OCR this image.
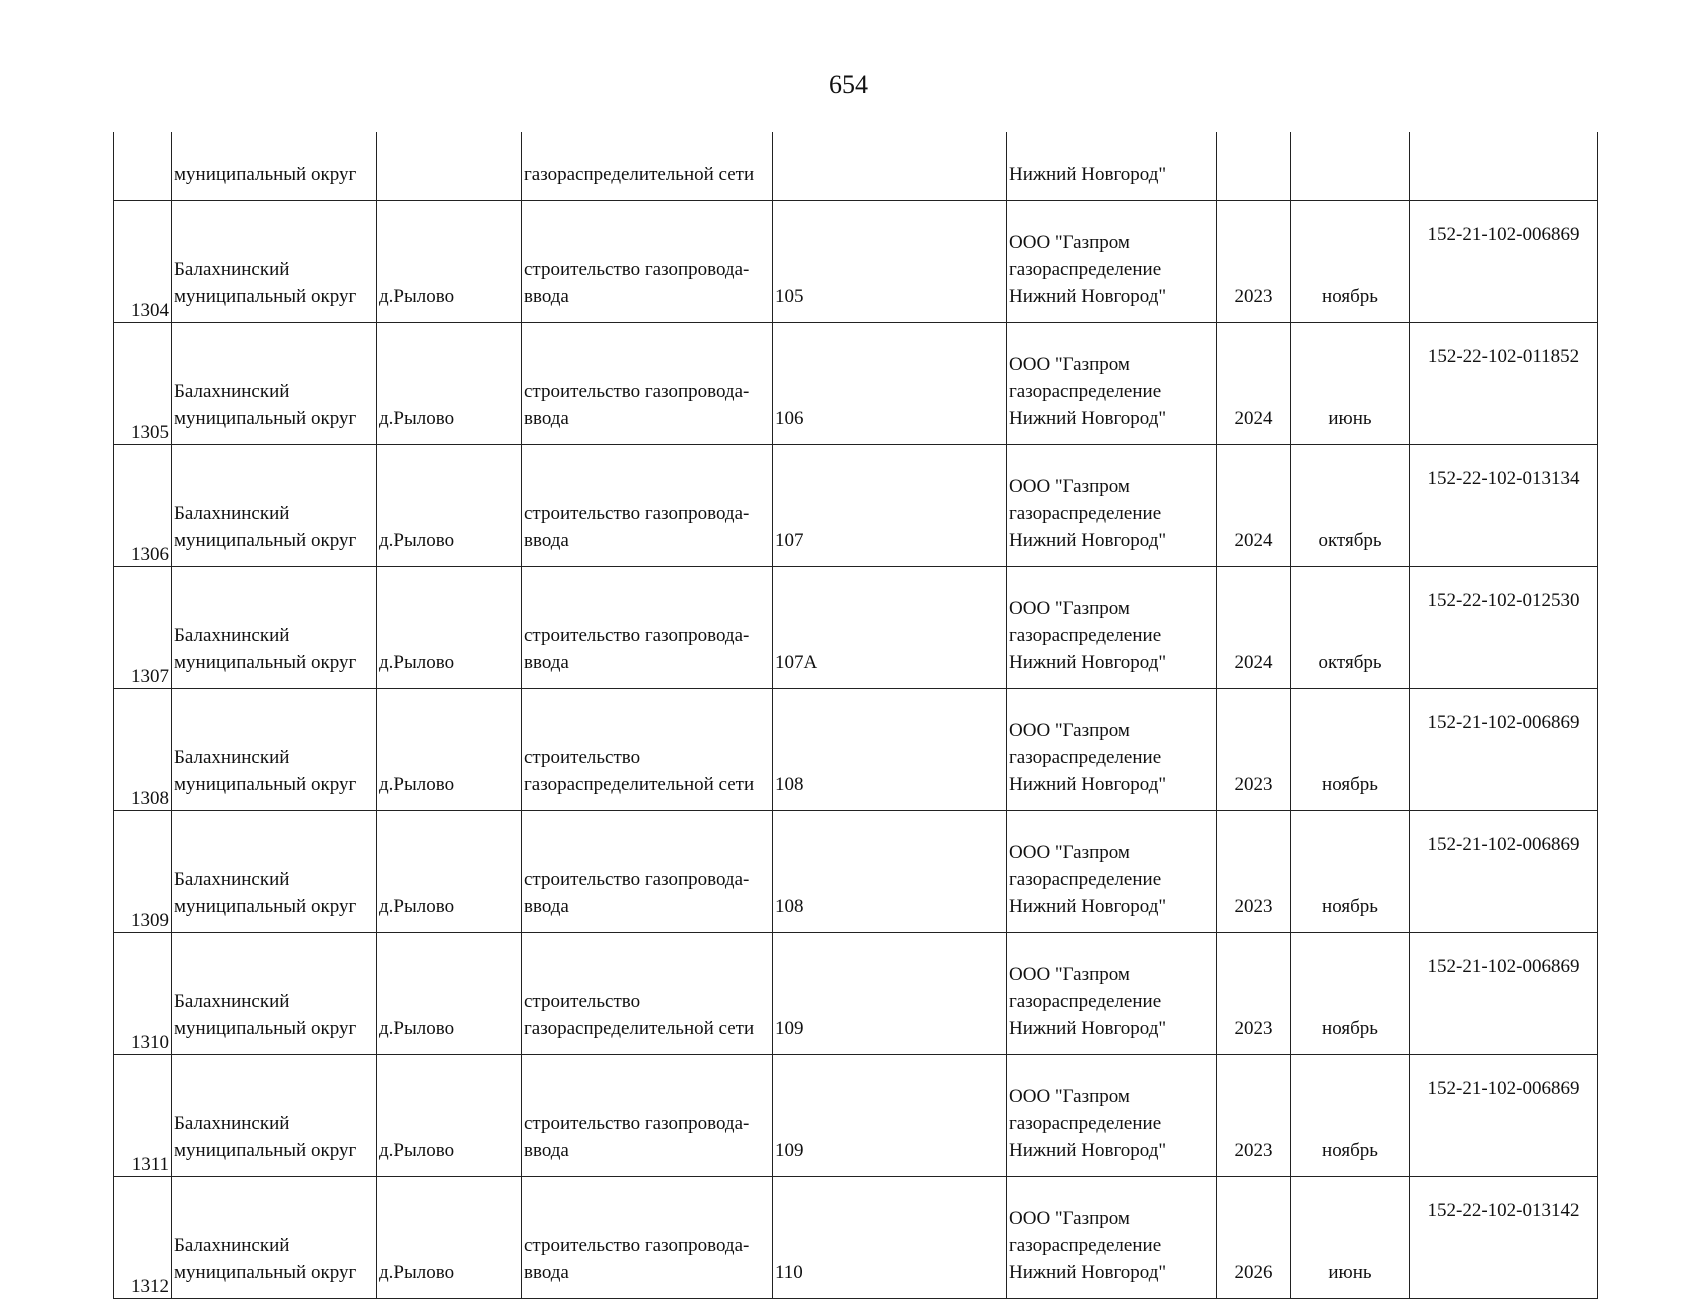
654

	муниципальный округ		газораспределительной сети		Нижний Новгород"			

1304	Балахнинский
муниципальный округ	д.Рылово	строительство газопровода-
ввода	105	ООО "Газпром
газораспределение
Нижний Новгород"	2023	ноябрь	152-21-102-006869

1305	Балахнинский
муниципальный округ	д.Рылово	строительство газопровода-
ввода	106	ООО "Газпром
газораспределение
Нижний Новгород"	2024	июнь	152-22-102-011852

1306	Балахнинский
муниципальный округ	д.Рылово	строительство газопровода-
ввода	107	ООО "Газпром
газораспределение
Нижний Новгород"	2024	октябрь	152-22-102-013134

1307	Балахнинский
муниципальный округ	д.Рылово	строительство газопровода-
ввода	107А	ООО "Газпром
газораспределение
Нижний Новгород"	2024	октябрь	152-22-102-012530

1308	Балахнинский
муниципальный округ	д.Рылово	строительство
газораспределительной сети	108	ООО "Газпром
газораспределение
Нижний Новгород"	2023	ноябрь	152-21-102-006869

1309	Балахнинский
муниципальный округ	д.Рылово	строительство газопровода-
ввода	108	ООО "Газпром
газораспределение
Нижний Новгород"	2023	ноябрь	152-21-102-006869

1310	Балахнинский
муниципальный округ	д.Рылово	строительство
газораспределительной сети	109	ООО "Газпром
газораспределение
Нижний Новгород"	2023	ноябрь	152-21-102-006869

1311	Балахнинский
муниципальный округ	д.Рылово	строительство газопровода-
ввода	109	ООО "Газпром
газораспределение
Нижний Новгород"	2023	ноябрь	152-21-102-006869

1312	Балахнинский
муниципальный округ	д.Рылово	строительство газопровода-
ввода	110	ООО "Газпром
газораспределение
Нижний Новгород"	2026	июнь	152-22-102-013142
